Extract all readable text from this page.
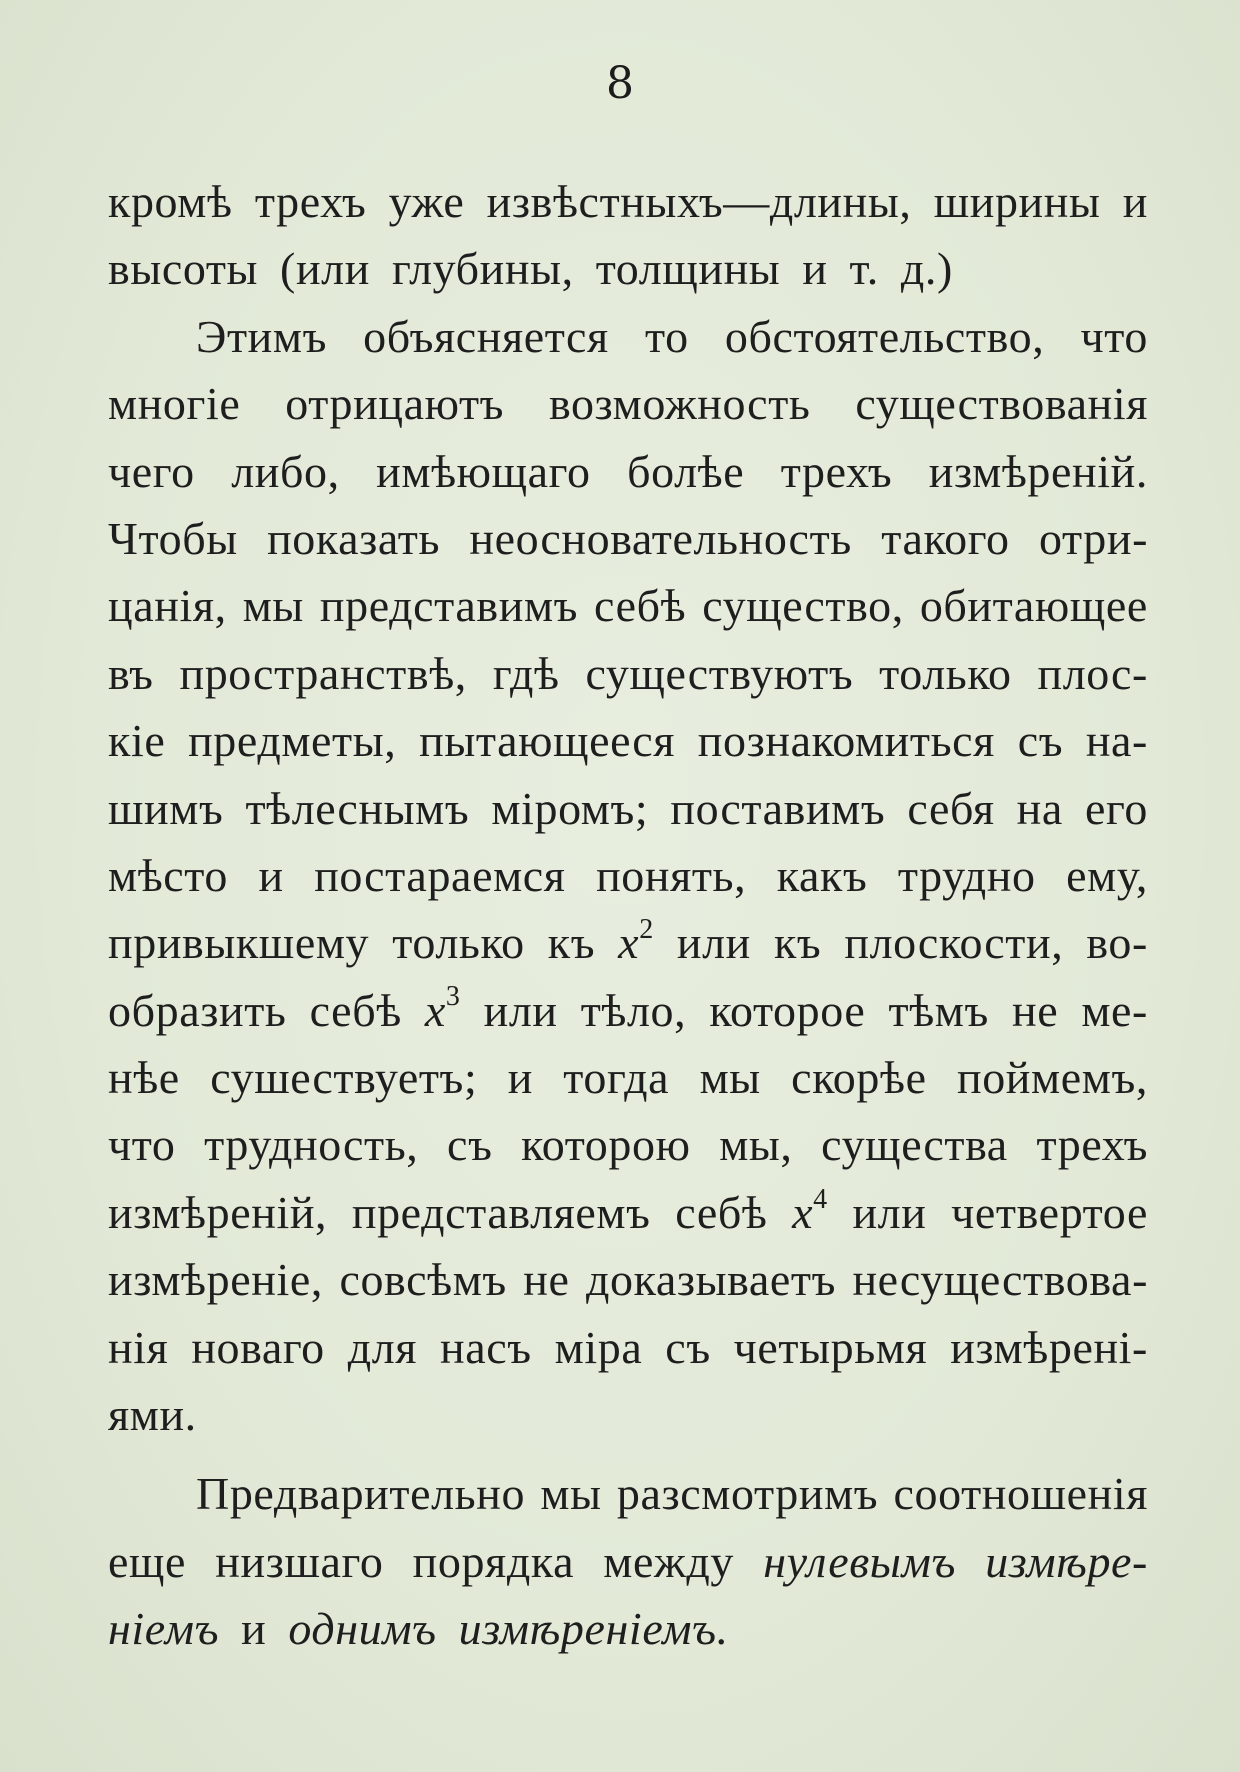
8
кромѣ трехъ уже извѣстныхъ—длины, ширины и
высоты (или глубины, толщины и т. д.)
Этимъ объясняется то обстоятельство, что
многіе отрицаютъ возможность существованія
чего либо, имѣющаго болѣе трехъ измѣреній.
Чтобы показать неосновательность такого отри-
цанія, мы представимъ себѣ существо, обитающее
въ пространствѣ, гдѣ существуютъ только плос-
кіе предметы, пытающееся познакомиться съ на-
шимъ тѣлеснымъ міромъ; поставимъ себя на его
мѣсто и постараемся понять, какъ трудно ему,
привыкшему только къ $x^2$ или къ плоскости, во-
образить себѣ $x^3$ или тѣло, которое тѣмъ не ме-
нѣе сушествуетъ; и тогда мы скорѣе поймемъ,
что трудность, съ которою мы, существа трехъ
измѣреній, представляемъ себѣ $x^4$ или четвертое
измѣреніе, совсѣмъ не доказываетъ несуществова-
нія новаго для насъ міра съ четырьмя измѣрені-
ями.
Предварительно мы разсмотримъ соотношенія
еще низшаго порядка между нулевымъ измѣре-
ніемъ и однимъ измѣреніемъ.
